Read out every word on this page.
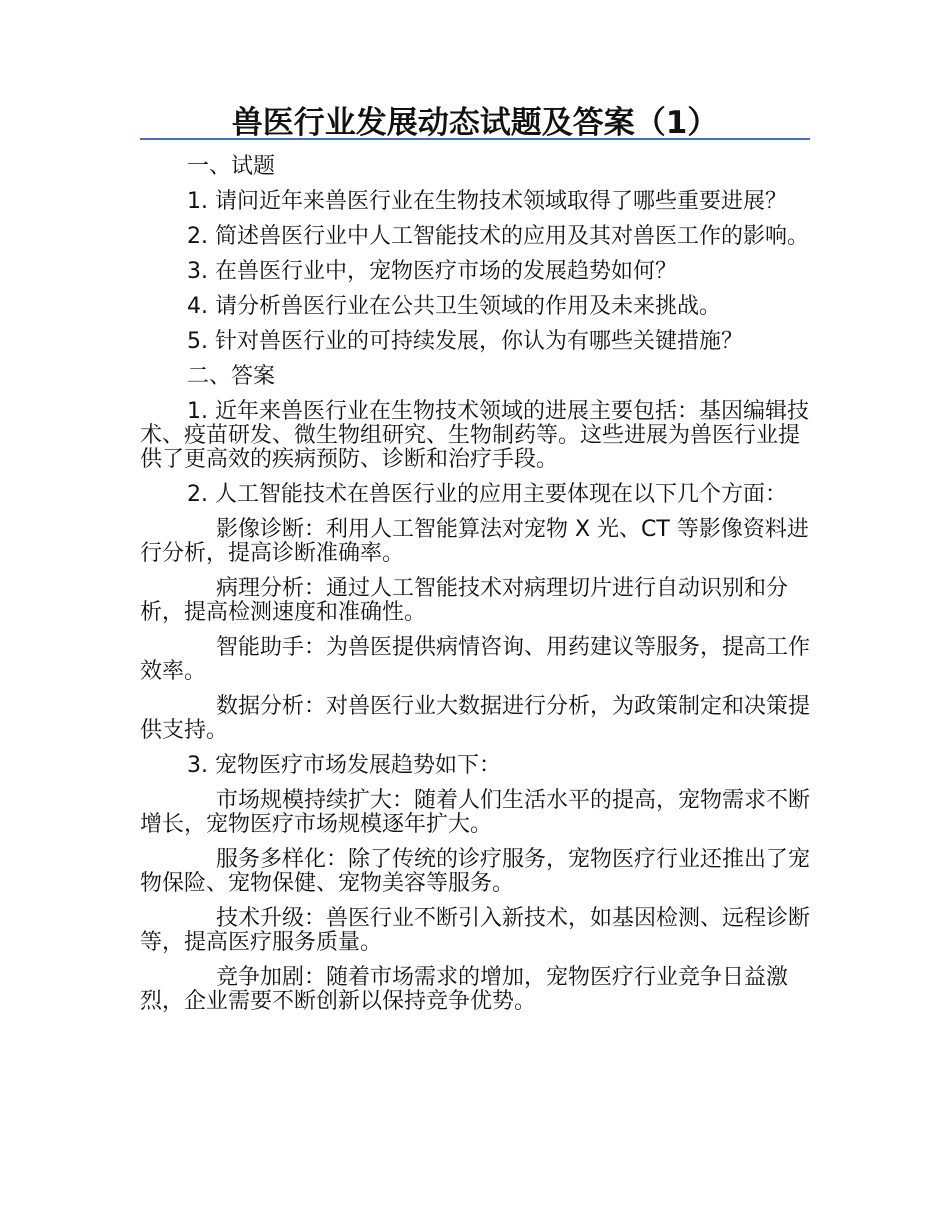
兽医行业发展动态试题及答案（1）
一、试题
1. 请问近年来兽医行业在生物技术领域取得了哪些重要进展？
2. 简述兽医行业中人工智能技术的应用及其对兽医工作的影响。
3. 在兽医行业中，宠物医疗市场的发展趋势如何？
4. 请分析兽医行业在公共卫生领域的作用及未来挑战。
5. 针对兽医行业的可持续发展，你认为有哪些关键措施？
二、答案
1. 近年来兽医行业在生物技术领域的进展主要包括：基因编辑技术、疫苗研发、微生物组研究、生物制药等。这些进展为兽医行业提供了更高效的疾病预防、诊断和治疗手段。
2. 人工智能技术在兽医行业的应用主要体现在以下几个方面：
影像诊断：利用人工智能算法对宠物 X 光、CT 等影像资料进行分析，提高诊断准确率。
病理分析：通过人工智能技术对病理切片进行自动识别和分析，提高检测速度和准确性。
智能助手：为兽医提供病情咨询、用药建议等服务，提高工作效率。
数据分析：对兽医行业大数据进行分析，为政策制定和决策提供支持。
3. 宠物医疗市场发展趋势如下：
市场规模持续扩大：随着人们生活水平的提高，宠物需求不断增长，宠物医疗市场规模逐年扩大。
服务多样化：除了传统的诊疗服务，宠物医疗行业还推出了宠物保险、宠物保健、宠物美容等服务。
技术升级：兽医行业不断引入新技术，如基因检测、远程诊断等，提高医疗服务质量。
竞争加剧：随着市场需求的增加，宠物医疗行业竞争日益激烈，企业需要不断创新以保持竞争优势。
